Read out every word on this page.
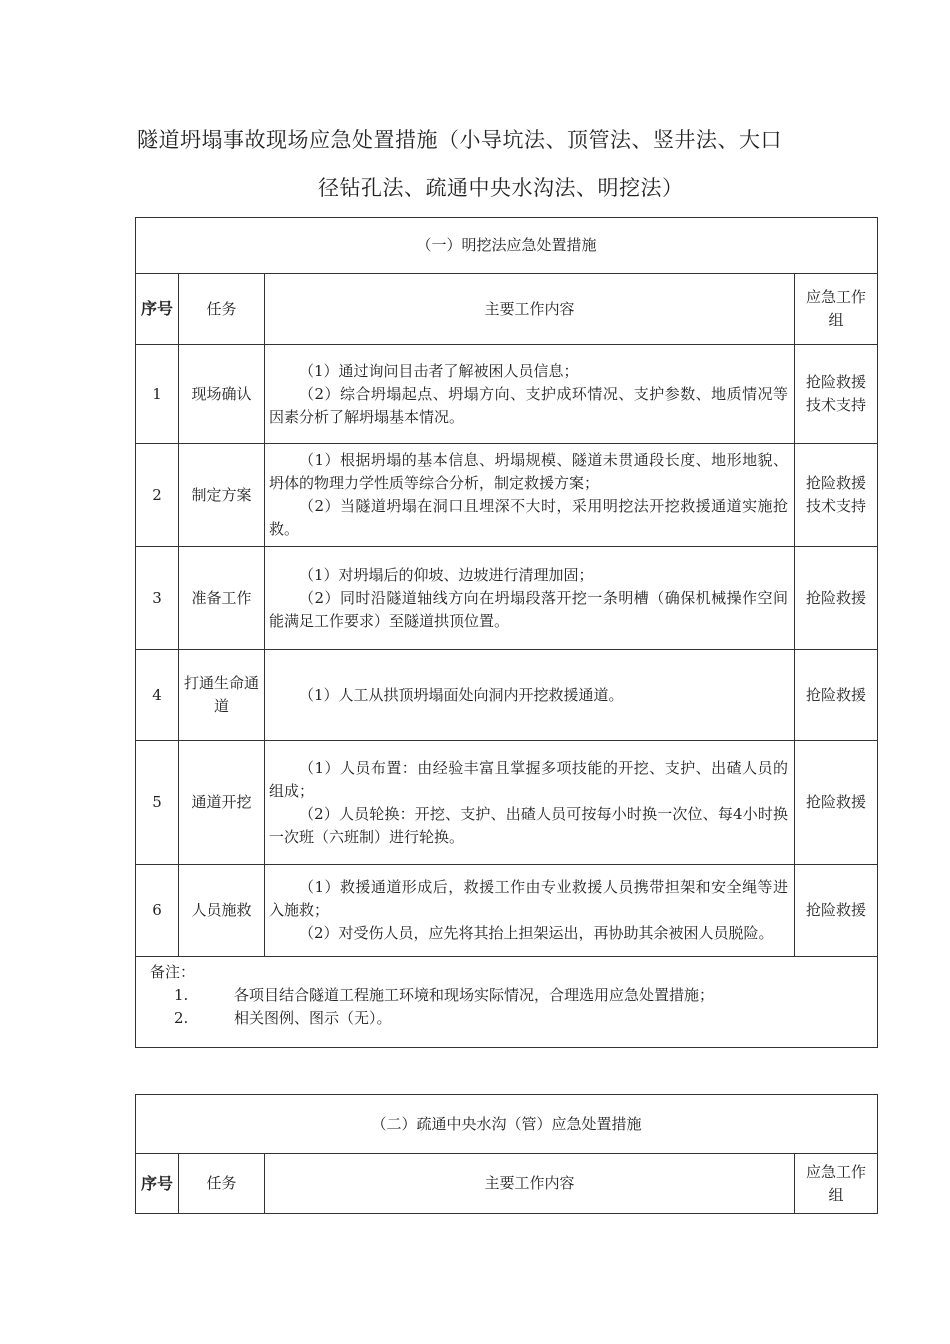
隧道坍塌事故现场应急处置措施（小导坑法、顶管法、竖井法、大口
径钻孔法、疏通中央水沟法、明挖法）
（一）明挖法应急处置措施			
序号	任务	主要工作内容	应急工作组
1	现场确认	（1）通过询问目击者了解被困人员信息；

（2）综合坍塌起点、坍塌方向、支护成环情况、支护参数、地质情况等因素分析了解坍塌基本情况。	抢险救援技术支持
2	制定方案	（1）根据坍塌的基本信息、坍塌规模、隧道未贯通段长度、地形地貌、坍体的物理力学性质等综合分析，制定救援方案；

（2）当隧道坍塌在洞口且埋深不大时，采用明挖法开挖救援通道实施抢救。	抢险救援技术支持
3	准备工作	（1）对坍塌后的仰坡、边坡进行清理加固；

（2）同时沿隧道轴线方向在坍塌段落开挖一条明槽（确保机械操作空间能满足工作要求）至隧道拱顶位置。	抢险救援
4	打通生命通道	（1）人工从拱顶坍塌面处向洞内开挖救援通道。	抢险救援
5	通道开挖	（1）人员布置：由经验丰富且掌握多项技能的开挖、支护、出碴人员的组成；

（2）人员轮换：开挖、支护、出碴人员可按每小时换一次位、每4小时换一次班（六班制）进行轮换。	抢险救援
6	人员施救	（1）救援通道形成后，救援工作由专业救援人员携带担架和安全绳等进入施救；

（2）对受伤人员，应先将其抬上担架运出，再协助其余被困人员脱险。	抢险救援

备注：
1. 各项目结合隧道工程施工环境和现场实际情况，合理选用应急处置措施；
2. 相关图例、图示（无）。			
（二）疏通中央水沟（管）应急处置措施
序号	任务	主要工作内容	应急工作组
